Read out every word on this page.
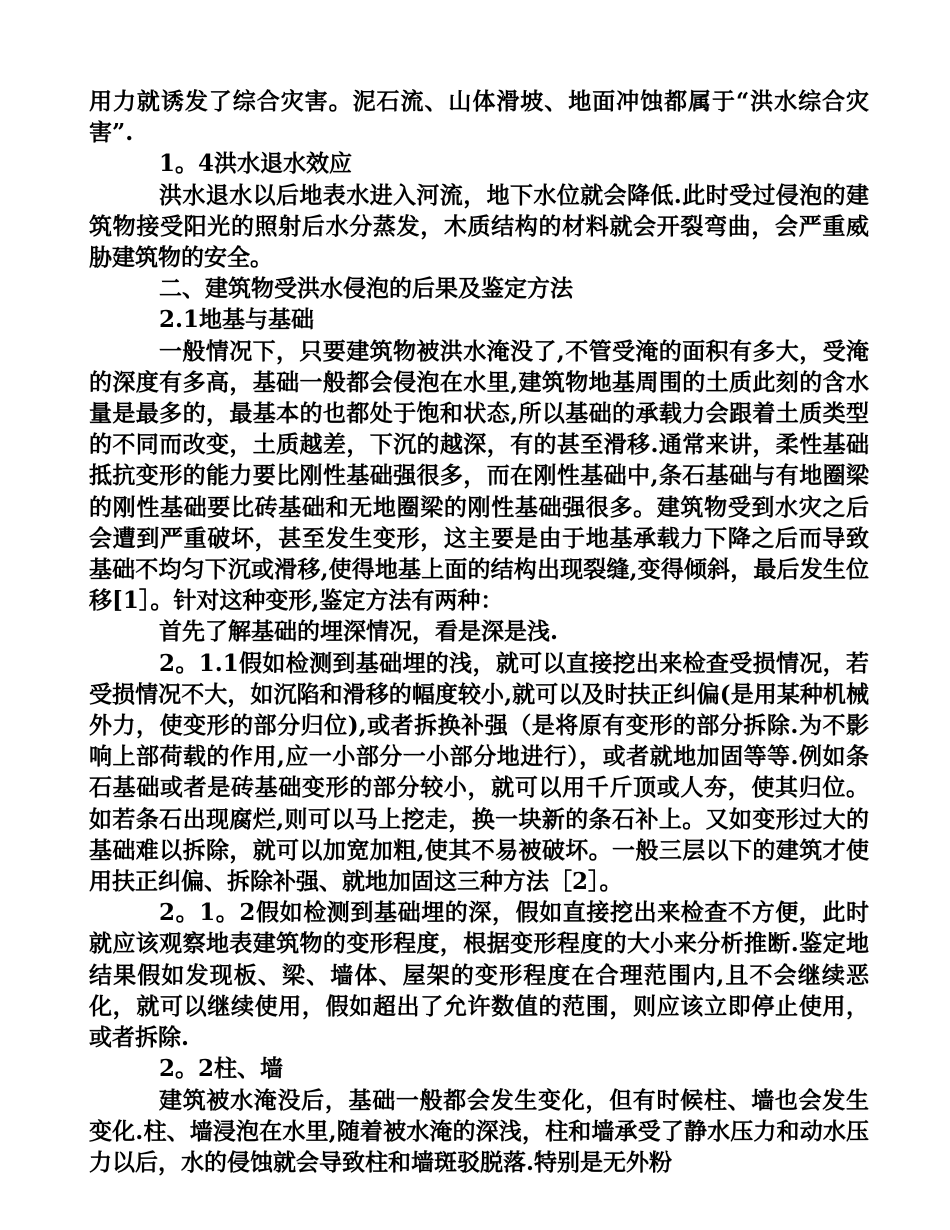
用力就诱发了综合灾害。泥石流、山体滑坡、地面冲蚀都属于“洪水综合灾害”.

1。4洪水退水效应

洪水退水以后地表水进入河流，地下水位就会降低.此时受过侵泡的建筑物接受阳光的照射后水分蒸发，木质结构的材料就会开裂弯曲，会严重威胁建筑物的安全。

二、建筑物受洪水侵泡的后果及鉴定方法

2.1地基与基础

一般情况下，只要建筑物被洪水淹没了,不管受淹的面积有多大，受淹的深度有多高，基础一般都会侵泡在水里,建筑物地基周围的土质此刻的含水量是最多的，最基本的也都处于饱和状态,所以基础的承载力会跟着土质类型的不同而改变，土质越差，下沉的越深，有的甚至滑移.通常来讲，柔性基础抵抗变形的能力要比刚性基础强很多，而在刚性基础中,条石基础与有地圈梁的刚性基础要比砖基础和无地圈梁的刚性基础强很多。建筑物受到水灾之后会遭到严重破坏，甚至发生变形，这主要是由于地基承载力下降之后而导致基础不均匀下沉或滑移,使得地基上面的结构出现裂缝,变得倾斜，最后发生位移[1］。针对这种变形,鉴定方法有两种：

首先了解基础的埋深情况，看是深是浅.

2。1.1假如检测到基础埋的浅，就可以直接挖出来检查受损情况，若受损情况不大，如沉陷和滑移的幅度较小,就可以及时扶正纠偏(是用某种机械外力，使变形的部分归位),或者拆换补强（是将原有变形的部分拆除.为不影响上部荷载的作用,应一小部分一小部分地进行），或者就地加固等等.例如条石基础或者是砖基础变形的部分较小，就可以用千斤顶或人夯，使其归位。如若条石出现腐烂,则可以马上挖走，换一块新的条石补上。又如变形过大的基础难以拆除，就可以加宽加粗,使其不易被破坏。一般三层以下的建筑才使用扶正纠偏、拆除补强、就地加固这三种方法［2］。

2。1。2假如检测到基础埋的深，假如直接挖出来检查不方便，此时就应该观察地表建筑物的变形程度，根据变形程度的大小来分析推断.鉴定地结果假如发现板、梁、墙体、屋架的变形程度在合理范围内,且不会继续恶化，就可以继续使用，假如超出了允许数值的范围，则应该立即停止使用，或者拆除.

2。2柱、墙

建筑被水淹没后，基础一般都会发生变化，但有时候柱、墙也会发生变化.柱、墙浸泡在水里,随着被水淹的深浅，柱和墙承受了静水压力和动水压力以后，水的侵蚀就会导致柱和墙斑驳脱落.特别是无外粉
